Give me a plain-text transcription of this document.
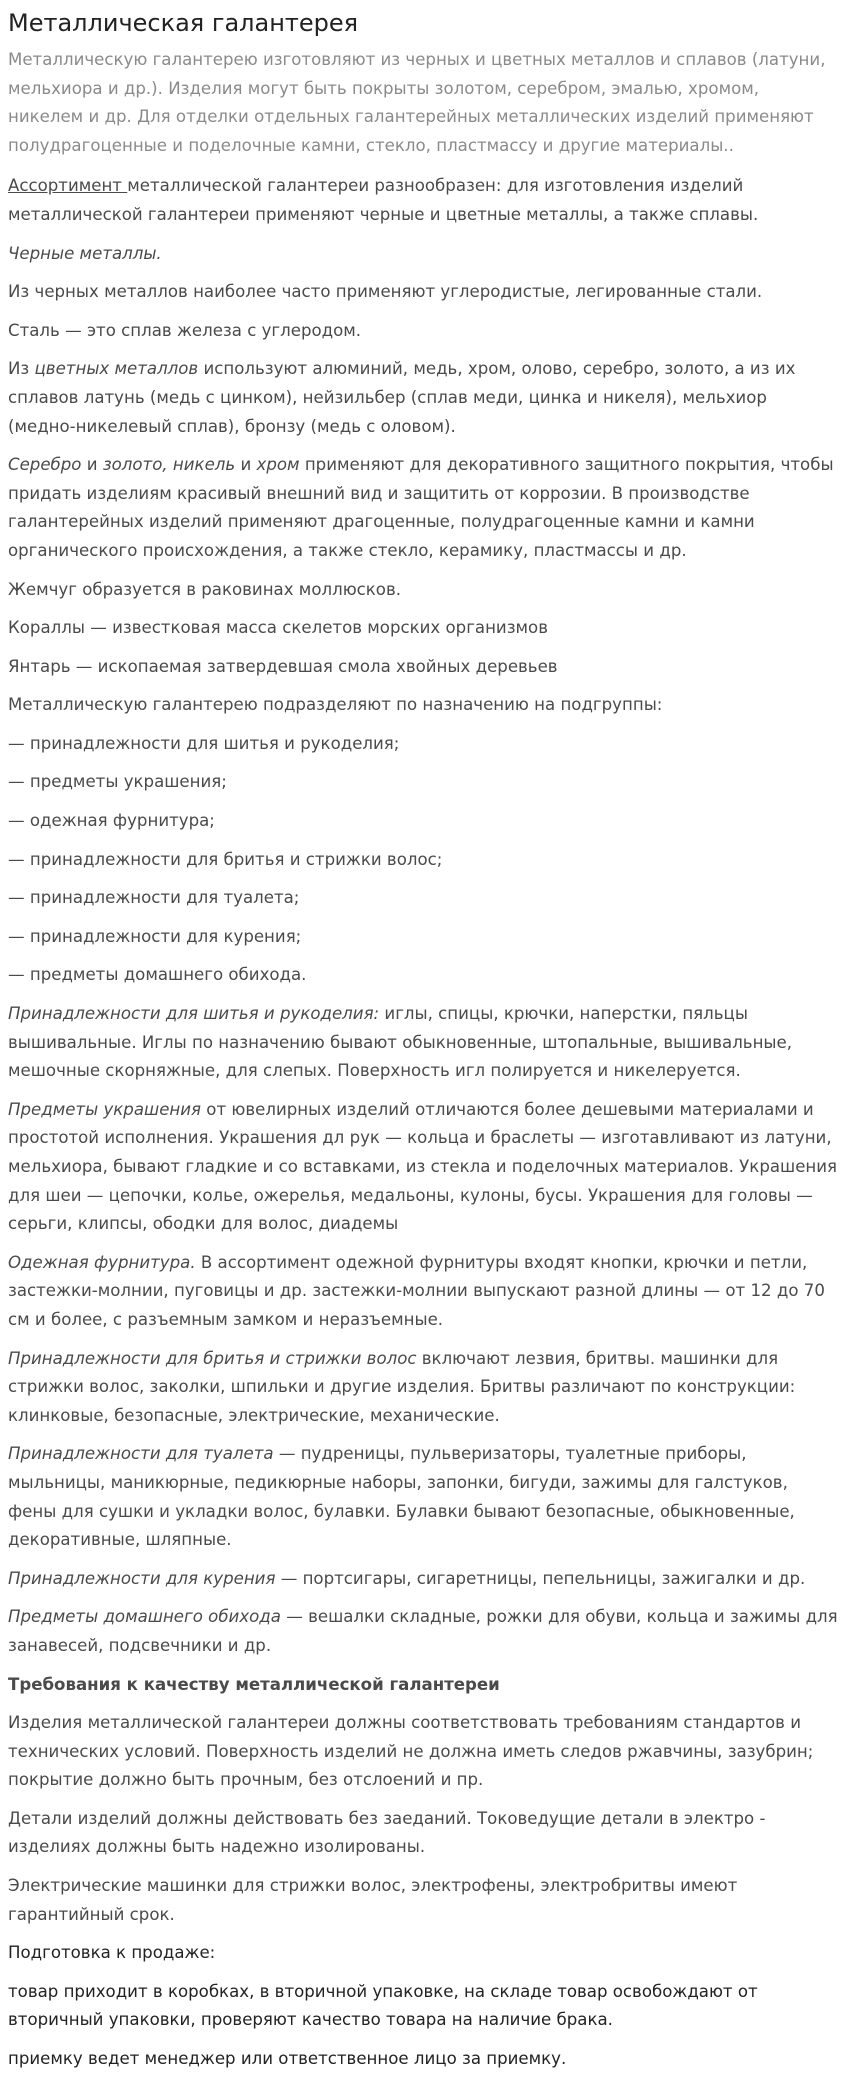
Металлическая галантерея

Металлическую галантерею изготовляют из черных и цветных металлов и сплавов (латуни, мельхиора и др.). Изделия могут быть покрыты золотом, серебром, эмалью, хромом, никелем и др. Для отделки отдельных галантерейных металлических изделий применяют полудрагоценные и поделочные камни, стекло, пластмассу и другие материалы..

Ассортимент металлической галантереи разнообразен: для изготовления изделий металлической галантереи применяют черные и цветные металлы, а также сплавы.

Черные металлы.

Из черных металлов наиболее часто применяют углеродистые, легированные стали.

Сталь — это сплав железа с углеродом.

Из цветных металлов используют алюминий, медь, хром, олово, серебро, золото, а из их сплавов латунь (медь с цинком), нейзильбер (сплав меди, цинка и никеля), мельхиор (медно-никелевый сплав), бронзу (медь с оловом).

Серебро и золото, никель и хром применяют для декоративного защитного покрытия, чтобы придать изделиям красивый внешний вид и защитить от коррозии. В производстве галантерейных изделий применяют драгоценные, полудрагоценные камни и камни органического происхождения, а также стекло, керамику, пластмассы и др.

Жемчуг образуется в раковинах моллюсков.

Кораллы — известковая масса скелетов морских организмов

Янтарь — ископаемая затвердевшая смола хвойных деревьев

Металлическую галантерею подразделяют по назначению на подгруппы:

— принадлежности для шитья и рукоделия;

— предметы украшения;

— одежная фурнитура;

— принадлежности для бритья и стрижки волос;

— принадлежности для туалета;

— принадлежности для курения;

— предметы домашнего обихода.

Принадлежности для шитья и рукоделия: иглы, спицы, крючки, наперстки, пяльцы вышивальные. Иглы по назначению бывают обыкновенные, штопальные, вышивальные, мешочные скорняжные, для слепых. Поверхность игл полируется и никелеруется.

Предметы украшения от ювелирных изделий отличаются более дешевыми материалами и простотой исполнения. Украшения дл рук — кольца и браслеты — изготавливают из латуни, мельхиора, бывают гладкие и со вставками, из стекла и поделочных материалов. Украшения для шеи — цепочки, колье, ожерелья, медальоны, кулоны, бусы. Украшения для головы — серьги, клипсы, ободки для волос, диадемы

Одежная фурнитура. В ассортимент одежной фурнитуры входят кнопки, крючки и петли, застежки-молнии, пуговицы и др. застежки-молнии выпускают разной длины — от 12 до 70 см и более, с разъемным замком и неразъемные.

Принадлежности для бритья и стрижки волос включают лезвия, бритвы. машинки для стрижки волос, заколки, шпильки и другие изделия. Бритвы различают по конструкции: клинковые, безопасные, электрические, механические.

Принадлежности для туалета — пудреницы, пульверизаторы, туалетные приборы, мыльницы, маникюрные, педикюрные наборы, запонки, бигуди, зажимы для галстуков, фены для сушки и укладки волос, булавки. Булавки бывают безопасные, обыкновенные, декоративные, шляпные.

Принадлежности для курения — портсигары, сигаретницы, пепельницы, зажигалки и др.

Предметы домашнего обихода — вешалки складные, рожки для обуви, кольца и зажимы для занавесей, подсвечники и др.

Требования к качеству металлической галантереи

Изделия металлической галантереи должны соответствовать требованиям стандартов и технических условий. Поверхность изделий не должна иметь следов ржавчины, зазубрин; покрытие должно быть прочным, без отслоений и пр.

Детали изделий должны действовать без заеданий. Токоведущие детали в электро - изделиях должны быть надежно изолированы.

Электрические машинки для стрижки волос, электрофены, электробритвы имеют гарантийный срок.

Подготовка к продаже:

товар приходит в коробках, в вторичной упаковке, на складе товар освобождают от вторичный упаковки, проверяют качество товара на наличие брака.

приемку ведет менеджер или ответственное лицо за приемку.
